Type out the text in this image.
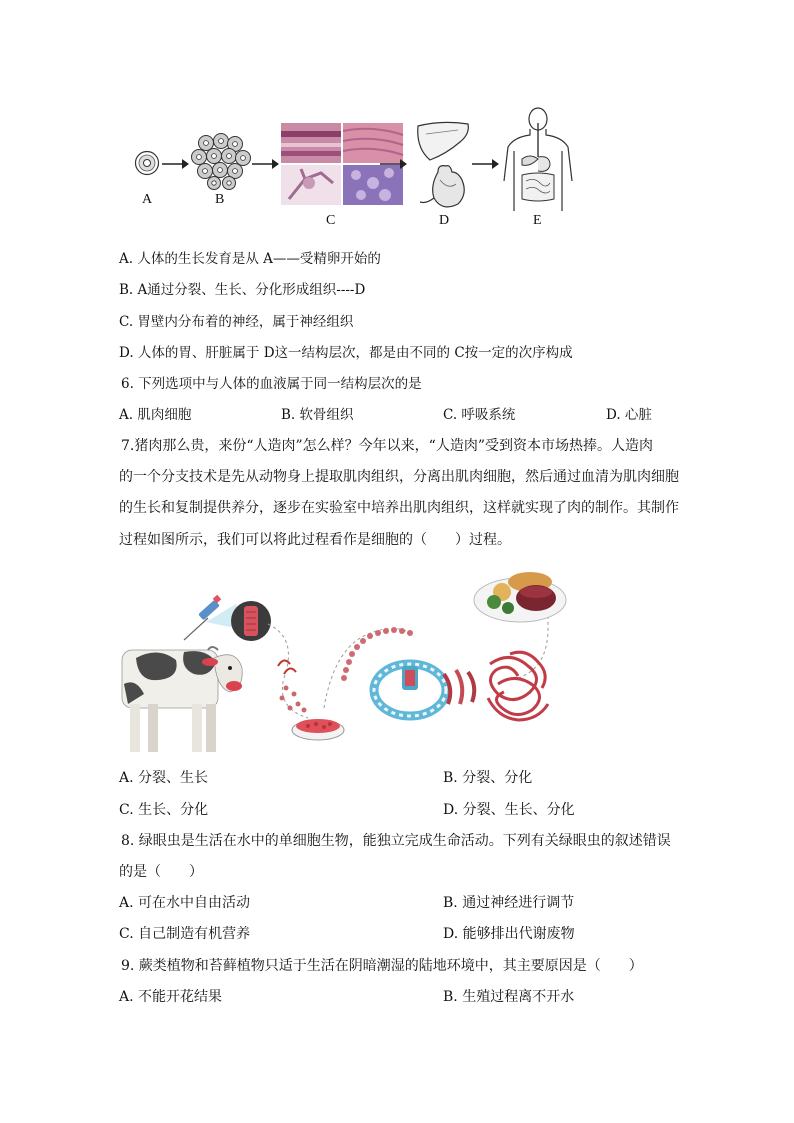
A	B
C	D	E
A. 人体的生长发育是从 A——受精卵开始的
B. A通过分裂、生长、分化形成组织----D
C. 胃壁内分布着的神经，属于神经组织
D. 人体的胃、肝脏属于 D这一结构层次，都是由不同的 C按一定的次序构成
6. 下列选项中与人体的血液属于同一结构层次的是
A. 肌肉细胞	B. 软骨组织	C. 呼吸系统	D. 心脏
7.猪肉那么贵，来份“人造肉”怎么样？今年以来，“人造肉”受到资本市场热捧。人造肉
的一个分支技术是先从动物身上提取肌肉组织，分离出肌肉细胞，然后通过血清为肌肉细胞
的生长和复制提供养分，逐步在实验室中培养出肌肉组织，这样就实现了肉的制作。其制作
过程如图所示，我们可以将此过程看作是细胞的（　　）过程。
A. 分裂、生长	B. 分裂、分化
C. 生长、分化	D. 分裂、生长、分化
8. 绿眼虫是生活在水中的单细胞生物，能独立完成生命活动。下列有关绿眼虫的叙述错误
的是（　　）
A. 可在水中自由活动	B. 通过神经进行调节
C. 自己制造有机营养	D. 能够排出代谢废物
9. 蕨类植物和苔藓植物只适于生活在阴暗潮湿的陆地环境中，其主要原因是（　　）
A. 不能开花结果	B. 生殖过程离不开水
